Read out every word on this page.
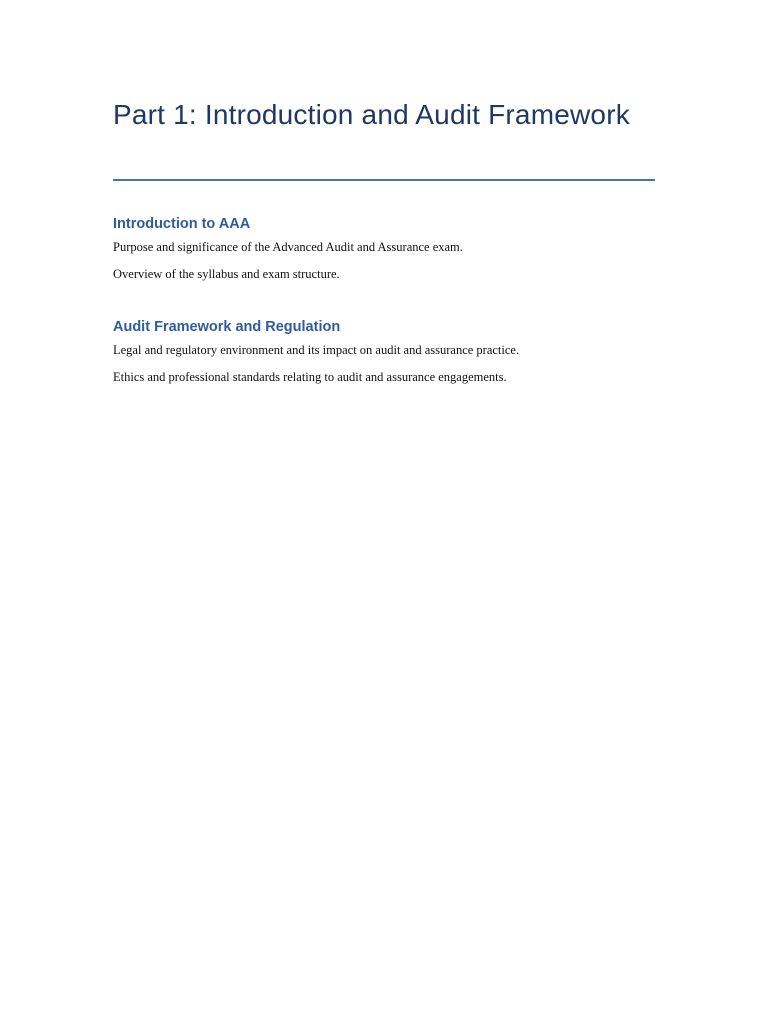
Part 1: Introduction and Audit Framework
Introduction to AAA

Purpose and significance of the Advanced Audit and Assurance exam.

Overview of the syllabus and exam structure.

Audit Framework and Regulation

Legal and regulatory environment and its impact on audit and assurance practice.

Ethics and professional standards relating to audit and assurance engagements.
